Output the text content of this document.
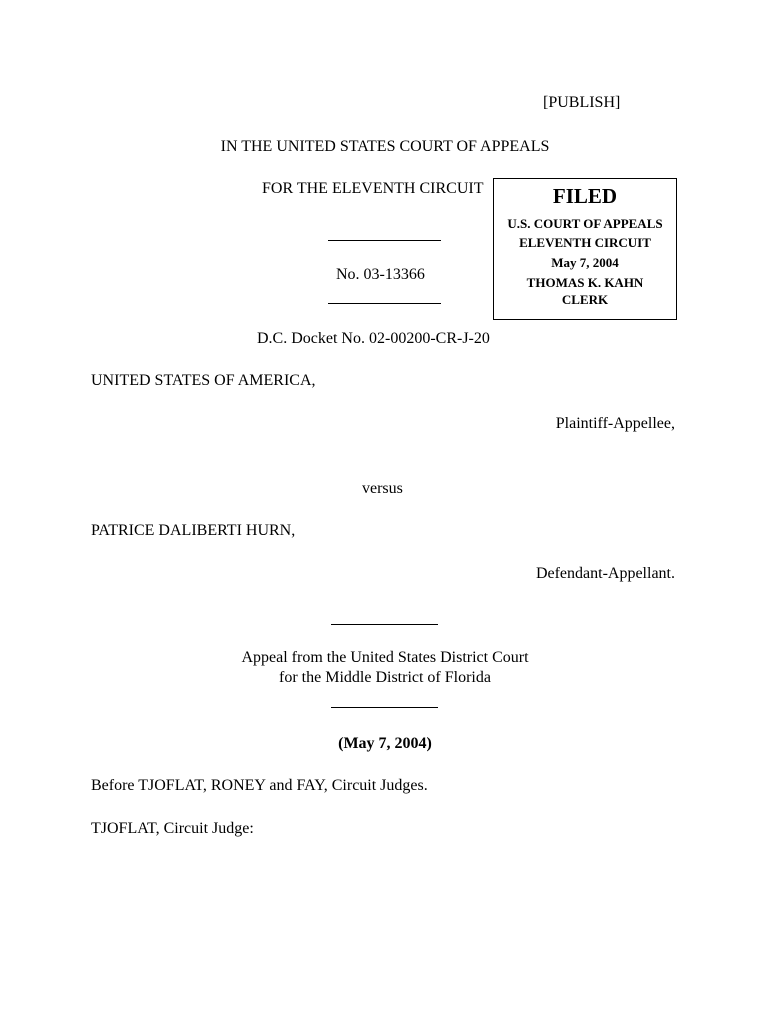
[PUBLISH]
IN THE UNITED STATES COURT OF APPEALS
FOR THE ELEVENTH CIRCUIT
No. 03-13366
FILED
U.S. COURT OF APPEALS
ELEVENTH CIRCUIT
May 7, 2004
THOMAS K. KAHN
CLERK
D.C. Docket No. 02-00200-CR-J-20
UNITED STATES OF AMERICA,
Plaintiff-Appellee,
versus
PATRICE DALIBERTI HURN,
Defendant-Appellant.
Appeal from the United States District Court
for the Middle District of Florida
(May 7, 2004)
Before TJOFLAT, RONEY and FAY, Circuit Judges.
TJOFLAT, Circuit Judge:
